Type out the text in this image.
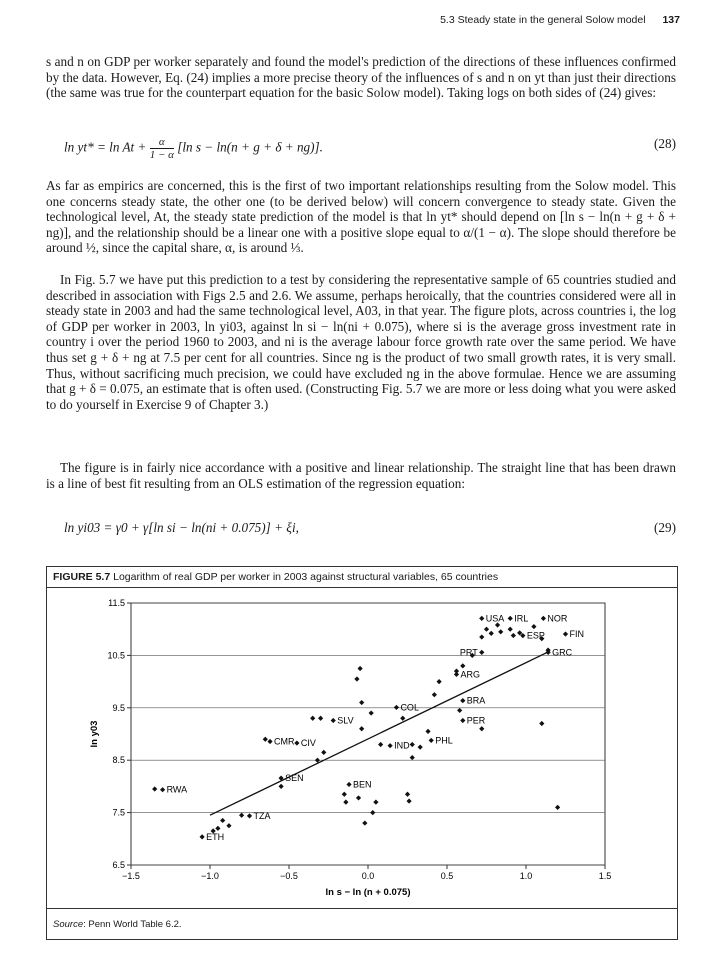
5.3 Steady state in the general Solow model 137

s and n on GDP per worker separately and found the model's prediction of the directions of these influences confirmed by the data. However, Eq. (24) implies a more precise theory of the influences of s and n on yt than just their directions (the same was true for the counterpart equation for the basic Solow model). Taking logs on both sides of (24) gives:

$\ln yt* = \ln At + \frac{\alpha}{1 - \alpha} [\ln$ s − ln(n + g + δ + ng)].	(28)

As far as empirics are concerned, this is the first of two important relationships resulting from the Solow model. This one concerns steady state, the other one (to be derived below) will concern convergence to steady state. Given the technological level, At, the steady state prediction of the model is that ln yt* should depend on [ln s − ln(n + g + δ + ng)], and the relationship should be a linear one with a positive slope equal to α/(1 − α). The slope should therefore be around ½, since the capital share, α, is around ⅓.

In Fig. 5.7 we have put this prediction to a test by considering the representative sample of 65 countries studied and described in association with Figs 2.5 and 2.6. We assume, perhaps heroically, that the countries considered were all in steady state in 2003 and had the same technological level, A03, in that year. The figure plots, across countries i, the log of GDP per worker in 2003, ln yi03, against ln si − ln(ni + 0.075), where si is the average gross investment rate in country i over the period 1960 to 2003, and ni is the average labour force growth rate over the same period. We have thus set g + δ + ng at 7.5 per cent for all countries. Since ng is the product of two small growth rates, it is very small. Thus, without sacrificing much precision, we could have excluded ng in the above formulae. Hence we are assuming that g + δ = 0.075, an estimate that is often used. (Constructing Fig. 5.7 we are more or less doing what you were asked to do yourself in Exercise 9 of Chapter 3.)

The figure is in fairly nice accordance with a positive and linear relationship. The straight line that has been drawn is a line of best fit resulting from an OLS estimation of the regression equation:

ln yi03 = γ0 + γ[ln si − ln(ni + 0.075)] + ξi,	(29)
FIGURE 5.7 Logarithm of real GDP per worker in 2003 against structural variables, 65 countries
6.5
7.5
8.5
9.5
10.5
11.5
−1.5	−1.0	−0.5	0.0	0.5	1.0	1.5
USA IRL NOR
ESP	FIN
PRT	GRC
ARG
BRA
PER
COL
SLV
PHL
IND
CMR CIV
SEN
BEN
RWA
TZA
ETH
ln s − ln (n + 0.075)
ln y03
Source: Penn World Table 6.2.
